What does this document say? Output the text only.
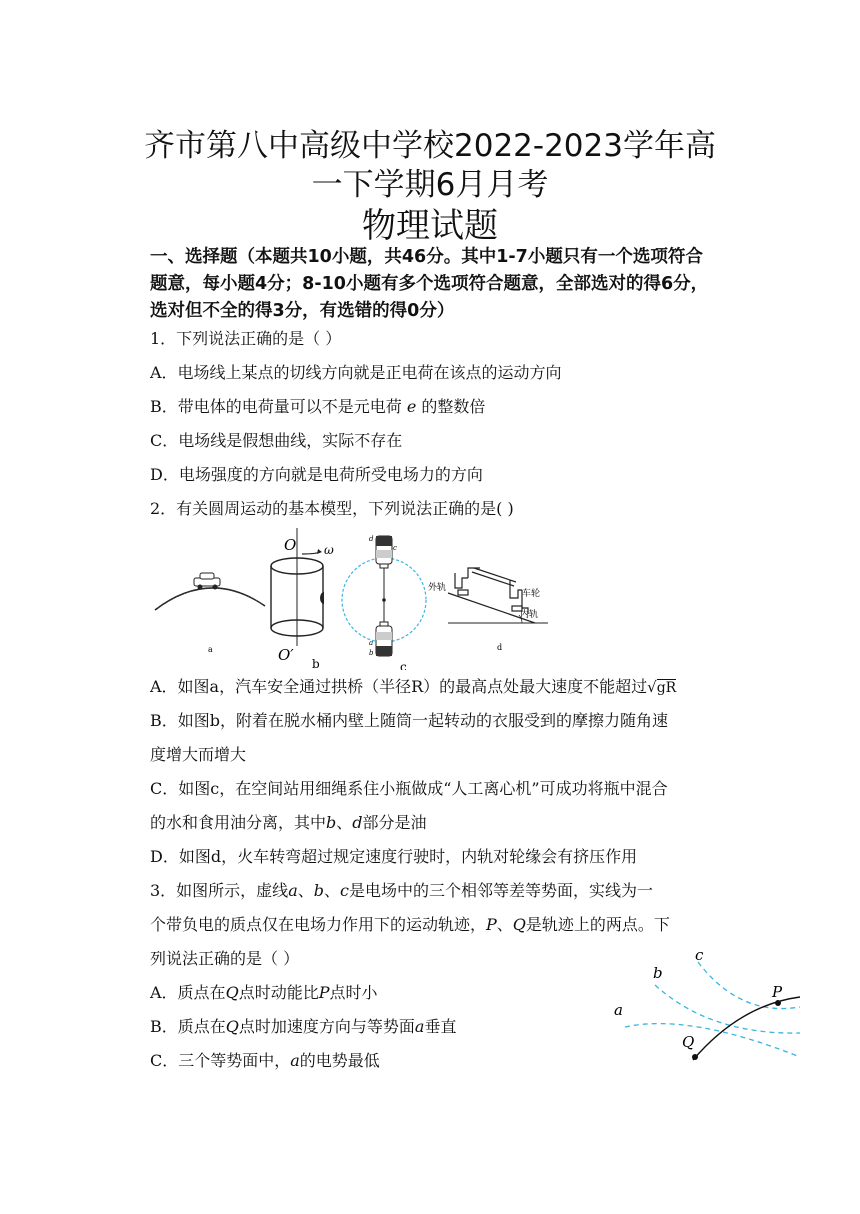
齐市第八中高级中学校2022-2023学年高
一下学期6月月考
物理试题
一、选择题（本题共10小题，共46分。其中1-7小题只有一个选项符合题意，每小题4分；8-10小题有多个选项符合题意，全部选对的得6分，选对但不全的得3分，有选错的得0分）
1．下列说法正确的是（ ）
A．电场线上某点的切线方向就是正电荷在该点的运动方向
B．带电体的电荷量可以不是元电荷 e 的整数倍
C．电场线是假想曲线，实际不存在
D．电场强度的方向就是电荷所受电场力的方向
2．有关圆周运动的基本模型，下列说法正确的是( )
a
O ω
O′ b
d
c
a
b
c
外轨
车轮
内轨
d
A．如图a，汽车安全通过拱桥（半径R）的最高点处最大速度不能超过√gR
B．如图b，附着在脱水桶内壁上随筒一起转动的衣服受到的摩擦力随角速
度增大而增大
C．如图c，在空间站用细绳系住小瓶做成“人工离心机”可成功将瓶中混合
的水和食用油分离，其中b、d部分是油
D．如图d，火车转弯超过规定速度行驶时，内轨对轮缘会有挤压作用
3．如图所示，虚线a、b、c是电场中的三个相邻等差等势面，实线为一
个带负电的质点仅在电场力作用下的运动轨迹，P、Q是轨迹上的两点。下
列说法正确的是（ ）
A．质点在Q点时动能比P点时小
B．质点在Q点时加速度方向与等势面a垂直
C．三个等势面中，a的电势最低
a
b
c
P
Q
